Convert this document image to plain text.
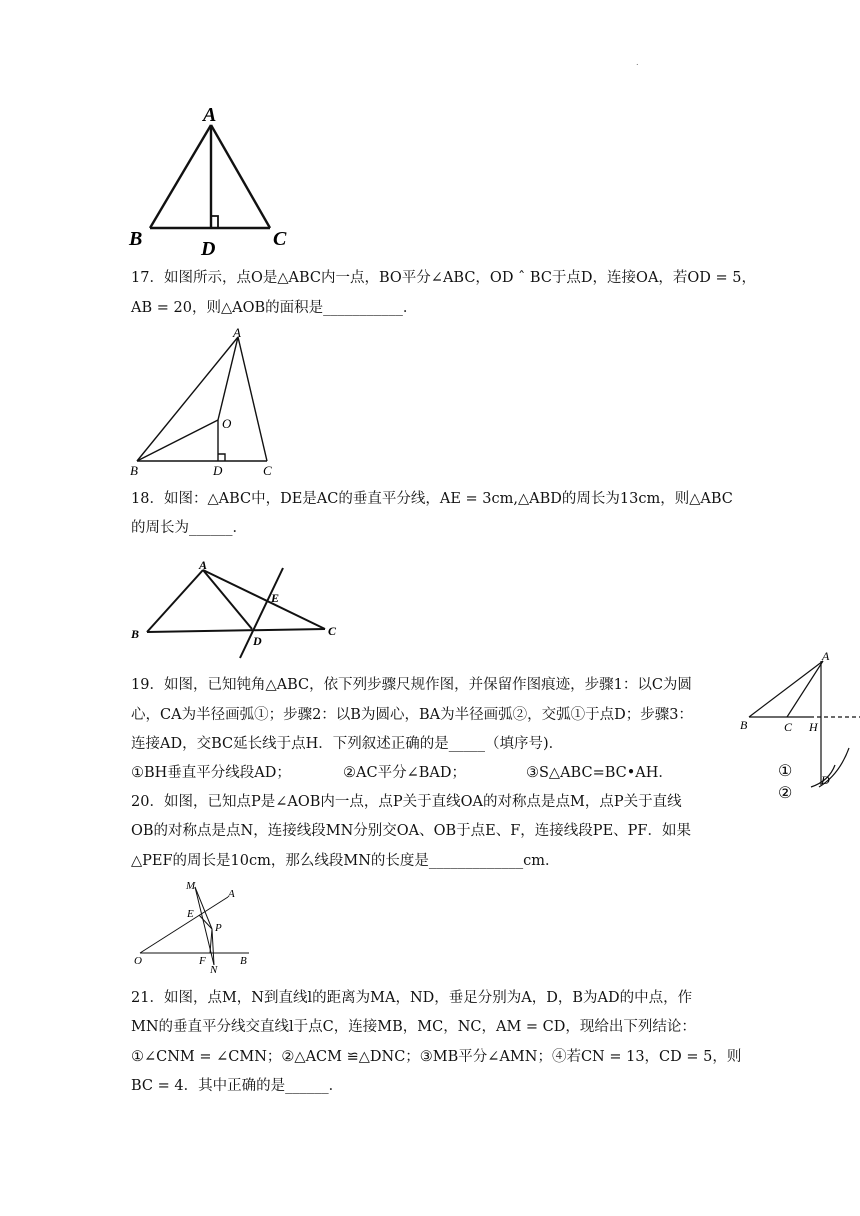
.
A
B	D	C
17．如图所示，点O是△ABC内一点，BO平分∠ABC，OD ˆ BC于点D，连接OA，若OD = 5，
AB = 20，则△AOB的面积是___________．
A
O
B	D	C
18．如图：△ABC中，DE是AC的垂直平分线，AE = 3cm,△ABD的周长为13cm，则△ABC
的周长为______．
A
B
E
D
C
19．如图，已知钝角△ABC，依下列步骤尺规作图，并保留作图痕迹，步骤1：以C为圆
心，CA为半径画弧①；步骤2：以B为圆心，BA为半径画弧②，交弧①于点D；步骤3：
连接AD，交BC延长线于点H．下列叙述正确的是_____（填序号)．
①BH垂直平分线段AD；	②AC平分∠BAD；	③S△ABC=BC•AH．
A
B	C H
①
②
D
20．如图，已知点P是∠AOB内一点，点P关于直线OA的对称点是点M，点P关于直线
OB的对称点是点N，连接线段MN分别交OA、OB于点E、F，连接线段PE、PF．如果
△PEF的周长是10cm，那么线段MN的长度是_____________cm．
M
A
E
P
O	F
N
B
21．如图，点M，N到直线l的距离为MA，ND，垂足分别为A，D，B为AD的中点，作
MN的垂直平分线交直线l于点C，连接MB，MC，NC，AM = CD，现给出下列结论：
①∠CNM = ∠CMN；②△ACM ≌△DNC；③MB平分∠AMN；④若CN = 13，CD = 5，则
BC = 4．其中正确的是______．
